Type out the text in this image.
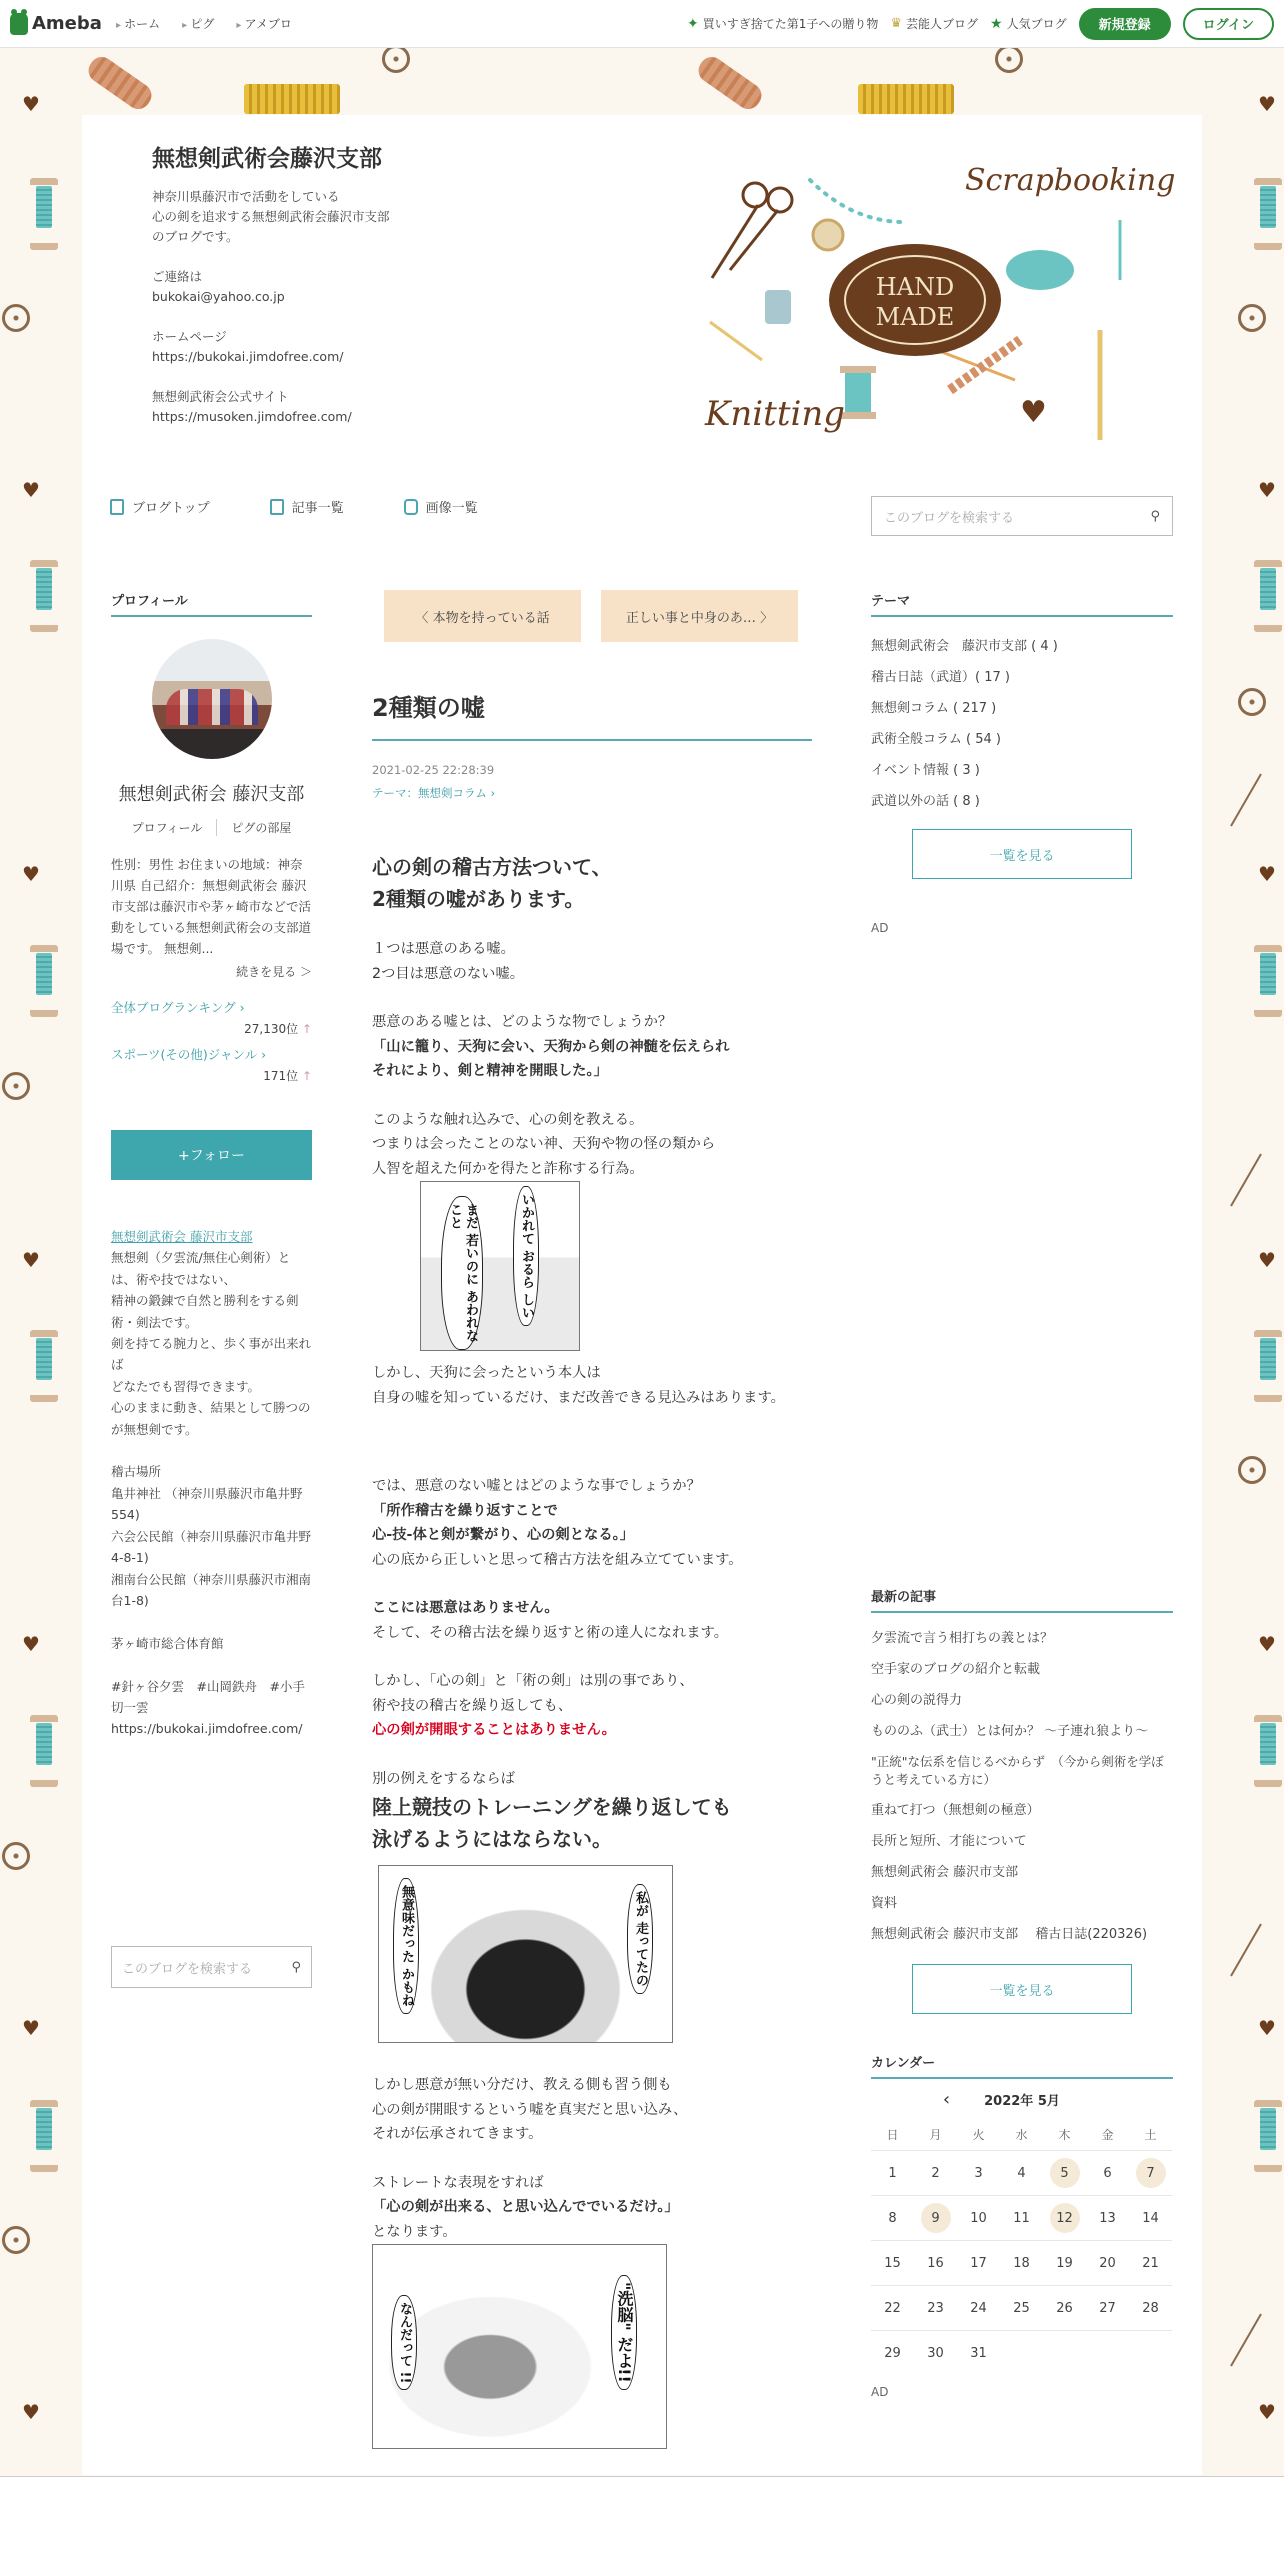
♥	♥
♥	♥
♥	♥
♥	♥
♥	♥
♥	♥
♥	♥
Ameba	▸ ホーム	▸ ピグ	▸ アメブロ	✦ 買いすぎ捨てた第1子への贈り物 ♛ 芸能人ブログ ★ 人気ブログ	新規登録	ログイン
無想剣武術会藤沢支部
神奈川県藤沢市で活動をしている
心の剣を追求する無想剣武術会藤沢市支部
のブログです。

ご連絡は
bukokai@yahoo.co.jp

ホームページ
https://bukokai.jimdofree.com/

無想剣武術会公式サイト
https://musoken.jimdofree.com/
Scrapbooking
HAND
MADE
Knitting	♥
ブログトップ	記事一覧	画像一覧
このブログを検索する	⚲
プロフィール
無想剣武術会 藤沢支部
プロフィール	ピグの部屋
性別：男性 お住まいの地域：神奈川県 自己紹介：無想剣武術会 藤沢市支部は藤沢市や茅ヶ崎市などで活動をしている無想剣武術会の支部道場です。 無想剣...
続きを見る ＞
全体ブログランキング ›
27,130位 ↑
スポーツ(その他)ジャンル ›
171位 ↑
+フォロー
無想剣武術会 藤沢市支部
無想剣（夕雲流/無住心剣術）とは、術や技ではない、
精神の鍛錬で自然と勝利をする剣術・剣法です。
剣を持てる腕力と、歩く事が出来れば
どなたでも習得できます。
心のままに動き、結果として勝つのが無想剣です。

稽古場所
亀井神社 （神奈川県藤沢市亀井野554)
六会公民館（神奈川県藤沢市亀井野4-8-1)
湘南台公民館（神奈川県藤沢市湘南台1-8)

茅ヶ崎市総合体育館

#針ヶ谷夕雲　#山岡鉄舟　#小手切一雲
https://bukokai.jimdofree.com/
このブログを検索する	⚲
〈 本物を持っている話	正しい事と中身のあ… 〉
2種類の嘘
2021-02-25 22:28:39
テーマ：無想剣コラム ›

心の剣の稽古方法ついて、
2種類の嘘があります。

１つは悪意のある嘘。
2つ目は悪意のない嘘。

悪意のある嘘とは、どのような物でしょうか？

「山に籠り、天狗に会い、天狗から剣の神髄を伝えられ
それにより、剣と精神を開眼した。」

このような触れ込みで、心の剣を教える。
つまりは会ったことのない神、天狗や物の怪の類から
人智を超えた何かを得たと詐称する行為。

いかれて おるら しい
まだ 若いのに あわれな こと

しかし、天狗に会ったという本人は
自身の嘘を知っているだけ、まだ改善できる見込みはあります。

では、悪意のない嘘とはどのような事でしょうか？

「所作稽古を繰り返すことで
心-技-体と剣が繋がり、心の剣となる。」

心の底から正しいと思って稽古方法を組み立てています。

ここには悪意はありません。

そして、その稽古法を繰り返すと術の達人になれます。

しかし、「心の剣」と「術の剣」は別の事であり、
術や技の稽古を繰り返しても、

心の剣が開眼することはありません。

別の例えをするならば

陸上競技のトレーニングを繰り返しても
泳げるようにはならない。

無意味だった かもね	私が 走ってたの

しかし悪意が無い分だけ、教える側も習う側も
心の剣が開眼するという嘘を真実だと思い込み、
それが伝承されてきます。

ストレートな表現をすれば

「心の剣が出来る、と思い込んででいるだけ。」

となります。

"洗脳" だよ!!
なんだって !!
テーマ
無想剣武術会　藤沢市支部 ( 4 )
稽古日誌（武道）( 17 )
無想剣コラム ( 217 )
武術全般コラム ( 54 )
イベント情報 ( 3 )
武道以外の話 ( 8 )
一覧を見る
AD
最新の記事
夕雲流で言う相打ちの義とは？
空手家のブログの紹介と転載
心の剣の説得力
もののふ（武士）とは何か？ ～子連れ狼より～
"正統"な伝系を信じるべからず　（今から剣術を学ぼうと考えている方に）
重ねて打つ（無想剣の極意）
長所と短所、才能について
無想剣武術会 藤沢市支部
資料
無想剣武術会 藤沢市支部　 稽古日誌(220326)
一覧を見る
カレンダー
‹	2022年 5月
日	月	火	水	木	金	土
1	2	3	4	5	6	7
8	9	10	11	12	13	14
15	16	17	18	19	20	21
22	23	24	25	26	27	28
29	30	31
AD
